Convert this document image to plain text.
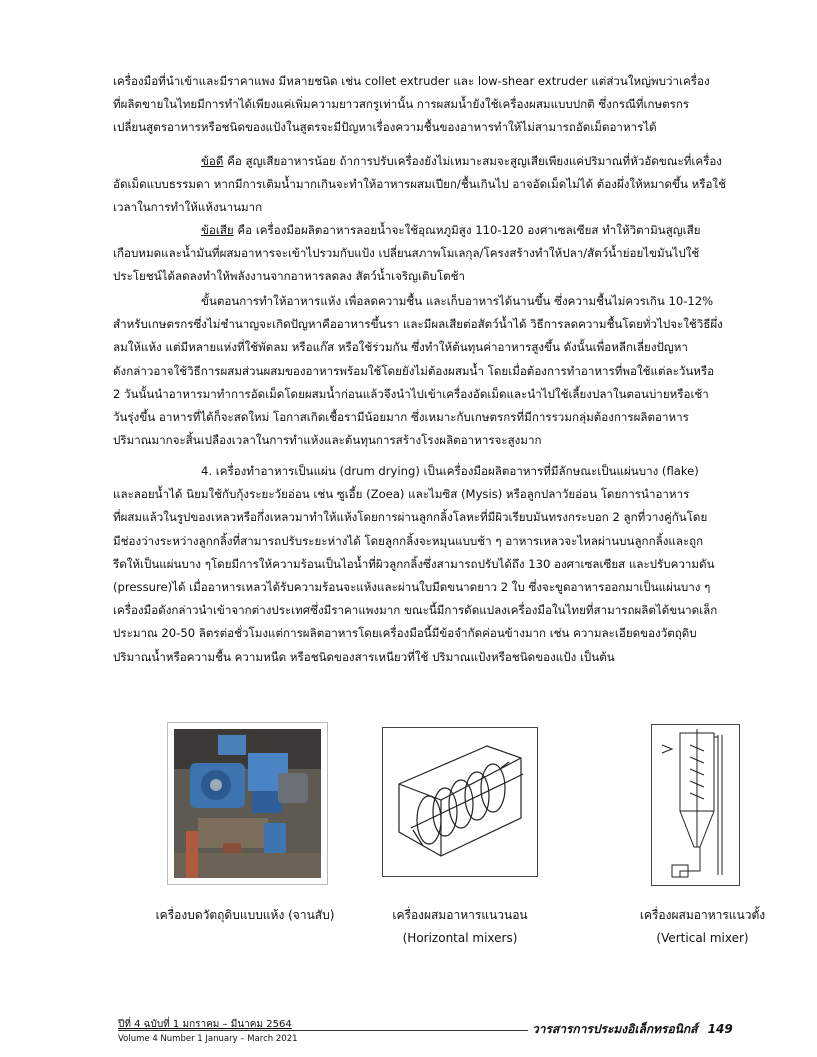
เครื่องมือที่นำเข้าและมีราคาแพง มีหลายชนิด เช่น collet extruder และ low-shear extruder แต่ส่วนใหญ่พบว่าเครื่อง
ที่ผลิตขายในไทยมีการทำได้เพียงแค่เพิ่มความยาวสกรูเท่านั้น การผสมน้ำยังใช้เครื่องผสมแบบปกติ ซึ่งกรณีที่เกษตรกร
เปลี่ยนสูตรอาหารหรือชนิดของแป้งในสูตรจะมีปัญหาเรื่องความชื้นของอาหารทำให้ไม่สามารถอัดเม็ดอาหารได้
ข้อดี คือ สูญเสียอาหารน้อย ถ้าการปรับเครื่องยังไม่เหมาะสมจะสูญเสียเพียงแค่ปริมาณที่หัวอัดขณะที่เครื่อง
อัดเม็ดแบบธรรมดา หากมีการเติมน้ำมากเกินจะทำให้อาหารผสมเปียก/ชื้นเกินไป อาจอัดเม็ดไม่ได้ ต้องผึ่งให้หมาดขึ้น หรือใช้
เวลาในการทำให้แห้งนานมาก
ข้อเสีย คือ เครื่องมือผลิตอาหารลอยน้ำจะใช้อุณหภูมิสูง 110-120 องศาเซลเซียส ทำให้วิตามินสูญเสีย
เกือบหมดและน้ำมันที่ผสมอาหารจะเข้าไปรวมกับแป้ง เปลี่ยนสภาพโมเลกุล/โครงสร้างทำให้ปลา/สัตว์น้ำย่อยไขมันไปใช้
ประโยชน์ได้ลดลงทำให้พลังงานจากอาหารลดลง สัตว์น้ำเจริญเติบโตช้า
ขั้นตอนการทำให้อาหารแห้ง เพื่อลดความชื้น และเก็บอาหารได้นานขึ้น ซึ่งความชื้นไม่ควรเกิน 10-12%
สำหรับเกษตรกรซึ่งไม่ชำนาญจะเกิดปัญหาคืออาหารขึ้นรา และมีผลเสียต่อสัตว์น้ำได้ วิธีการลดความชื้นโดยทั่วไปจะใช้วิธีผึ่ง
ลมให้แห้ง แต่มีหลายแห่งที่ใช้พัดลม หรือแก๊ส หรือใช้ร่วมกัน ซึ่งทำให้ต้นทุนค่าอาหารสูงขึ้น ดังนั้นเพื่อหลีกเลี่ยงปัญหา
ดังกล่าวอาจใช้วิธีการผสมส่วนผสมของอาหารพร้อมใช้โดยยังไม่ต้องผสมน้ำ โดยเมื่อต้องการทำอาหารที่พอใช้แต่ละวันหรือ
2 วันนั้นนำอาหารมาทำการอัดเม็ดโดยผสมน้ำก่อนแล้วจึงนำไปเข้าเครื่องอัดเม็ดและนำไปใช้เลี้ยงปลาในตอนบ่ายหรือเช้า
วันรุ่งขึ้น อาหารที่ได้ก็จะสดใหม่ โอกาสเกิดเชื้อรามีน้อยมาก ซึ่งเหมาะกับเกษตรกรที่มีการรวมกลุ่มต้องการผลิตอาหาร
ปริมาณมากจะสิ้นเปลืองเวลาในการทำแห้งและต้นทุนการสร้างโรงผลิตอาหารจะสูงมาก
4. เครื่องทำอาหารเป็นแผ่น (drum drying) เป็นเครื่องมือผลิตอาหารที่มีลักษณะเป็นแผ่นบาง (flake)
และลอยน้ำได้ นิยมใช้กับกุ้งระยะวัยอ่อน เช่น ซูเอี้ย (Zoea) และไมซิส (Mysis) หรือลูกปลาวัยอ่อน โดยการนำอาหาร
ที่ผสมแล้วในรูปของเหลวหรือกึ่งเหลวมาทำให้แห้งโดยการผ่านลูกกลิ้งโลหะที่มีผิวเรียบมันทรงกระบอก 2 ลูกที่วางคู่กันโดย
มีช่องว่างระหว่างลูกกลิ้งที่สามารถปรับระยะห่างได้ โดยลูกกลิ้งจะหมุนแบบช้า ๆ อาหารเหลวจะไหลผ่านบนลูกกลิ้งและถูก
รีดให้เป็นแผ่นบาง ๆโดยมีการให้ความร้อนเป็นไอน้ำที่ผิวลูกกลิ้งซึ่งสามารถปรับได้ถึง 130 องศาเซลเซียส และปรับความดัน
(pressure)ได้ เมื่ออาหารเหลวได้รับความร้อนจะแห้งและผ่านใบมีดขนาดยาว 2 ใบ ซึ่งจะขูดอาหารออกมาเป็นแผ่นบาง ๆ
เครื่องมือดังกล่าวนำเข้าจากต่างประเทศซึ่งมีราคาแพงมาก ขณะนี้มีการดัดแปลงเครื่องมือในไทยที่สามารถผลิตได้ขนาดเล็ก
ประมาณ 20-50 ลิตรต่อชั่วโมงแต่การผลิตอาหารโดยเครื่องมือนี้มีข้อจำกัดค่อนข้างมาก เช่น ความละเอียดของวัตถุดิบ
ปริมาณน้ำหรือความชื้น ความหนืด หรือชนิดของสารเหนียวที่ใช้ ปริมาณแป้งหรือชนิดของแป้ง เป็นต้น
เครื่องบดวัตถุดิบแบบแห้ง (จานสับ)	เครื่องผสมอาหารแนวนอน
(Horizontal mixers)
เครื่องผสมอาหารแนวตั้ง
(Vertical mixer)
ปีที่ 4 ฉบับที่ 1 มกราคม – มีนาคม 2564
Volume 4 Number 1 January – March 2021
วารสารการประมงอิเล็กทรอนิกส์ 149
